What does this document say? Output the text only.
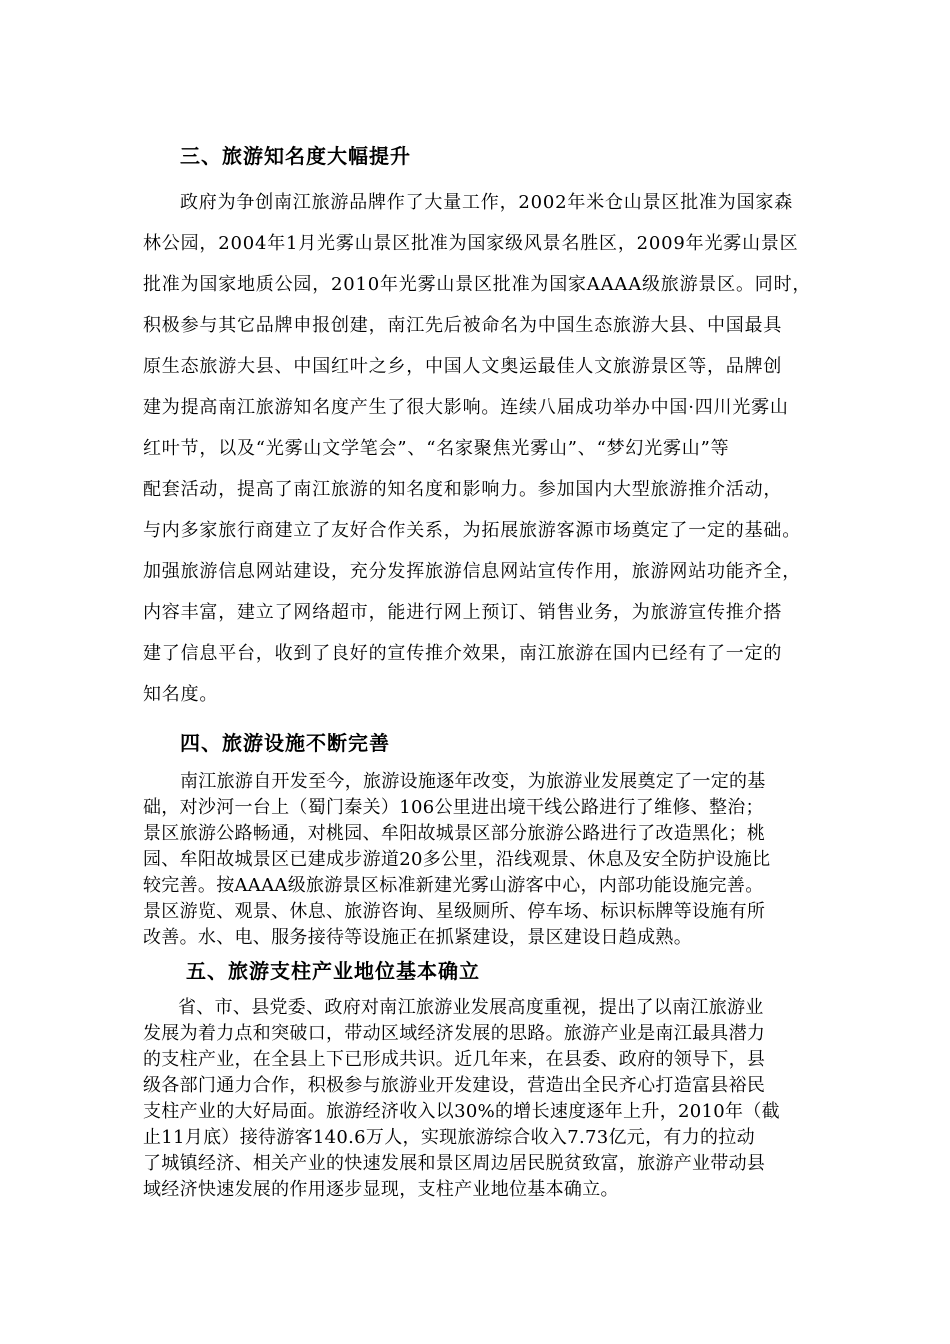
三、旅游知名度大幅提升

政府为争创南江旅游品牌作了大量工作，2002年米仓山景区批准为国家森

林公园，2004年1月光雾山景区批准为国家级风景名胜区，2009年光雾山景区

批准为国家地质公园，2010年光雾山景区批准为国家AAAA级旅游景区。同时，

积极参与其它品牌申报创建，南江先后被命名为中国生态旅游大县、中国最具

原生态旅游大县、中国红叶之乡，中国人文奥运最佳人文旅游景区等，品牌创

建为提高南江旅游知名度产生了很大影响。连续八届成功举办中国·四川光雾山

红叶节，以及“光雾山文学笔会”、“名家聚焦光雾山”、“梦幻光雾山”等

配套活动，提高了南江旅游的知名度和影响力。参加国内大型旅游推介活动，

与内多家旅行商建立了友好合作关系，为拓展旅游客源市场奠定了一定的基础。

加强旅游信息网站建设，充分发挥旅游信息网站宣传作用，旅游网站功能齐全，

内容丰富，建立了网络超市，能进行网上预订、销售业务，为旅游宣传推介搭

建了信息平台，收到了良好的宣传推介效果，南江旅游在国内已经有了一定的

知名度。

四、旅游设施不断完善

南江旅游自开发至今，旅游设施逐年改变，为旅游业发展奠定了一定的基

础，对沙河一台上（蜀门秦关）106公里进出境干线公路进行了维修、整治；

景区旅游公路畅通，对桃园、牟阳故城景区部分旅游公路进行了改造黑化；桃

园、牟阳故城景区已建成步游道20多公里，沿线观景、休息及安全防护设施比

较完善。按AAAA级旅游景区标准新建光雾山游客中心，内部功能设施完善。

景区游览、观景、休息、旅游咨询、星级厕所、停车场、标识标牌等设施有所

改善。水、电、服务接待等设施正在抓紧建设，景区建设日趋成熟。

五、旅游支柱产业地位基本确立

省、市、县党委、政府对南江旅游业发展高度重视，提出了以南江旅游业

发展为着力点和突破口，带动区域经济发展的思路。旅游产业是南江最具潜力

的支柱产业，在全县上下已形成共识。近几年来，在县委、政府的领导下，县

级各部门通力合作，积极参与旅游业开发建设，营造出全民齐心打造富县裕民

支柱产业的大好局面。旅游经济收入以30%的增长速度逐年上升，2010年（截

止11月底）接待游客140.6万人，实现旅游综合收入7.73亿元，有力的拉动

了城镇经济、相关产业的快速发展和景区周边居民脱贫致富，旅游产业带动县

域经济快速发展的作用逐步显现，支柱产业地位基本确立。
